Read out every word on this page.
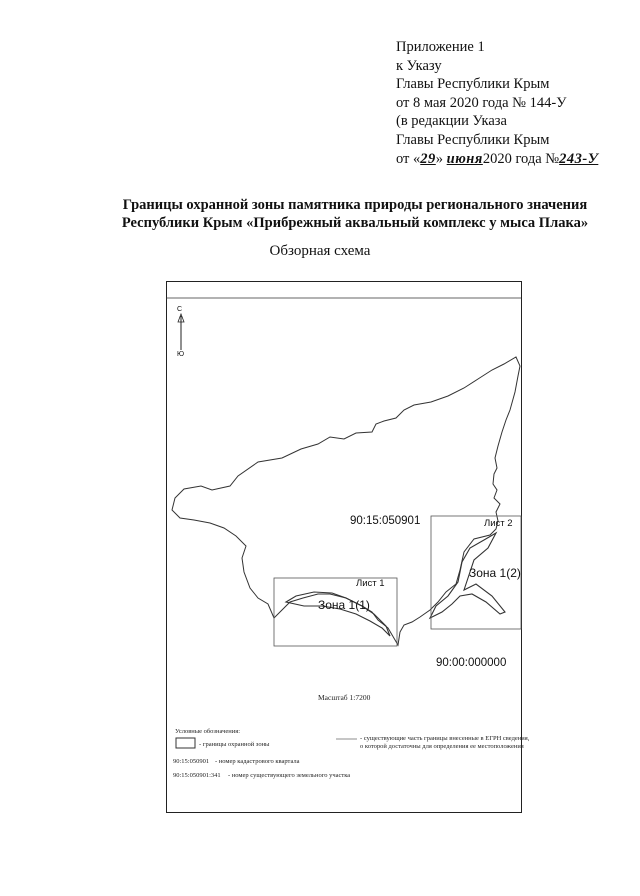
Приложение 1
к Указу
Главы Республики Крым
от 8 мая 2020 года № 144-У
(в редакции Указа
Главы Республики Крым
от «29» июня2020 года №243-У
Границы охранной зоны памятника природы регионального значения
Республики Крым «Прибрежный аквальный комплекс у мыса Плака»
Обзорная схема
С
Ю
90:15:050901
90:00:000000
Лист 1
Лист 2
Зона 1(1)
Зона 1(2)
Масштаб 1:7200
Условные обозначения:
- границы охранной зоны
- существующие часть границы внесенные в ЕГРН сведения,
о которой достаточны для определения ее местоположения
90:15:050901 - номер кадастрового квартала
90:15:050901:341 - номер существующего земельного участка
